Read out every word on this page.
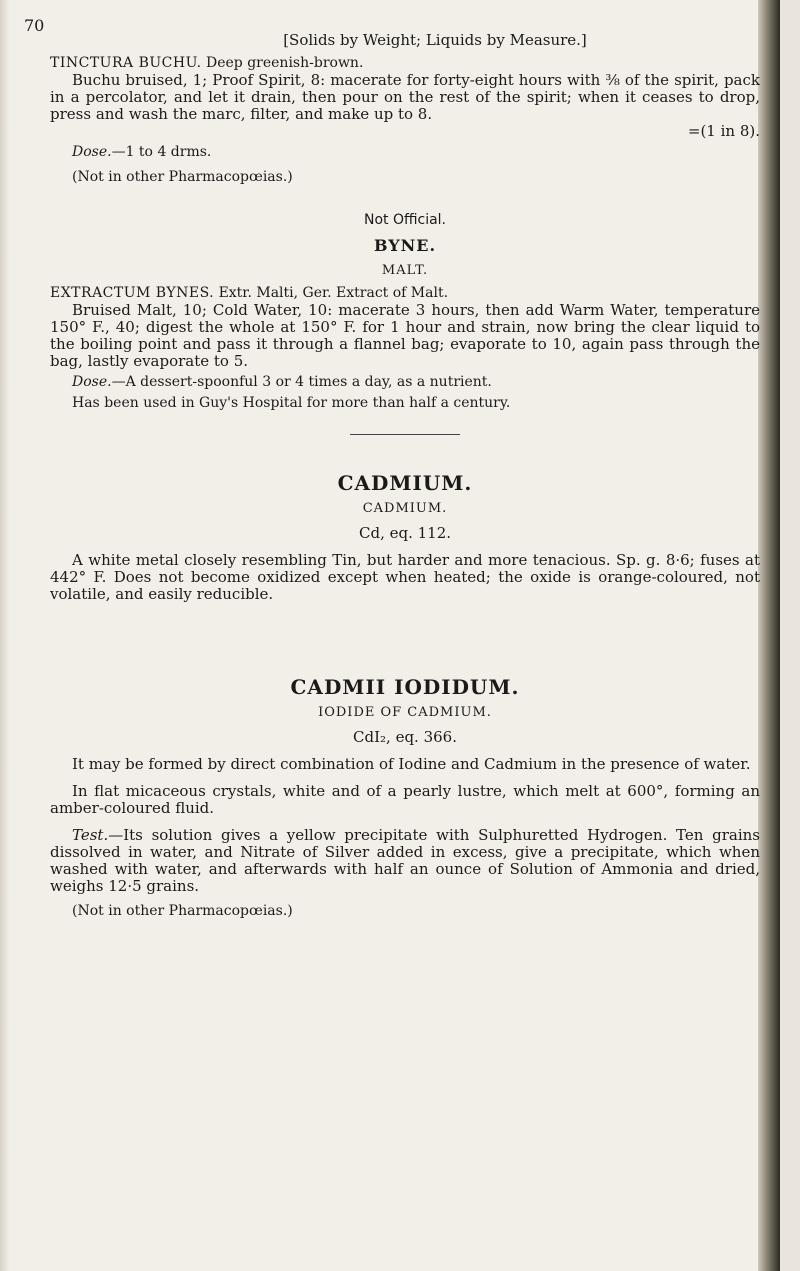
70
[Solids by Weight; Liquids by Measure.]
TINCTURA BUCHU. Deep greenish-brown.

Buchu bruised, 1; Proof Spirit, 8: macerate for forty-eight hours with ⅜ of the spirit, pack in a percolator, and let it drain, then pour on the rest of the spirit; when it ceases to drop, press and wash the marc, filter, and make up to 8.

=(1 in 8).

Dose.—1 to 4 drms.

(Not in other Pharmacopœias.)

Not Official.
BYNE.
MALT.
EXTRACTUM BYNES. Extr. Malti, Ger. Extract of Malt.

Bruised Malt, 10; Cold Water, 10: macerate 3 hours, then add Warm Water, temperature 150° F., 40; digest the whole at 150° F. for 1 hour and strain, now bring the clear liquid to the boiling point and pass it through a flannel bag; evaporate to 10, again pass through the bag, lastly evaporate to 5.

Dose.—A dessert-spoonful 3 or 4 times a day, as a nutrient.

Has been used in Guy's Hospital for more than half a century.

CADMIUM.
CADMIUM.
Cd, eq. 112.

A white metal closely resembling Tin, but harder and more tenacious. Sp. g. 8·6; fuses at 442° F. Does not become oxidized except when heated; the oxide is orange-coloured, not volatile, and easily reducible.

CADMII IODIDUM.
IODIDE OF CADMIUM.
CdI₂, eq. 366.

It may be formed by direct combination of Iodine and Cadmium in the presence of water.

In flat micaceous crystals, white and of a pearly lustre, which melt at 600°, forming an amber-coloured fluid.

Test.—Its solution gives a yellow precipitate with Sulphuretted Hydrogen. Ten grains dissolved in water, and Nitrate of Silver added in excess, give a precipitate, which when washed with water, and afterwards with half an ounce of Solution of Ammonia and dried, weighs 12·5 grains.

(Not in other Pharmacopœias.)
